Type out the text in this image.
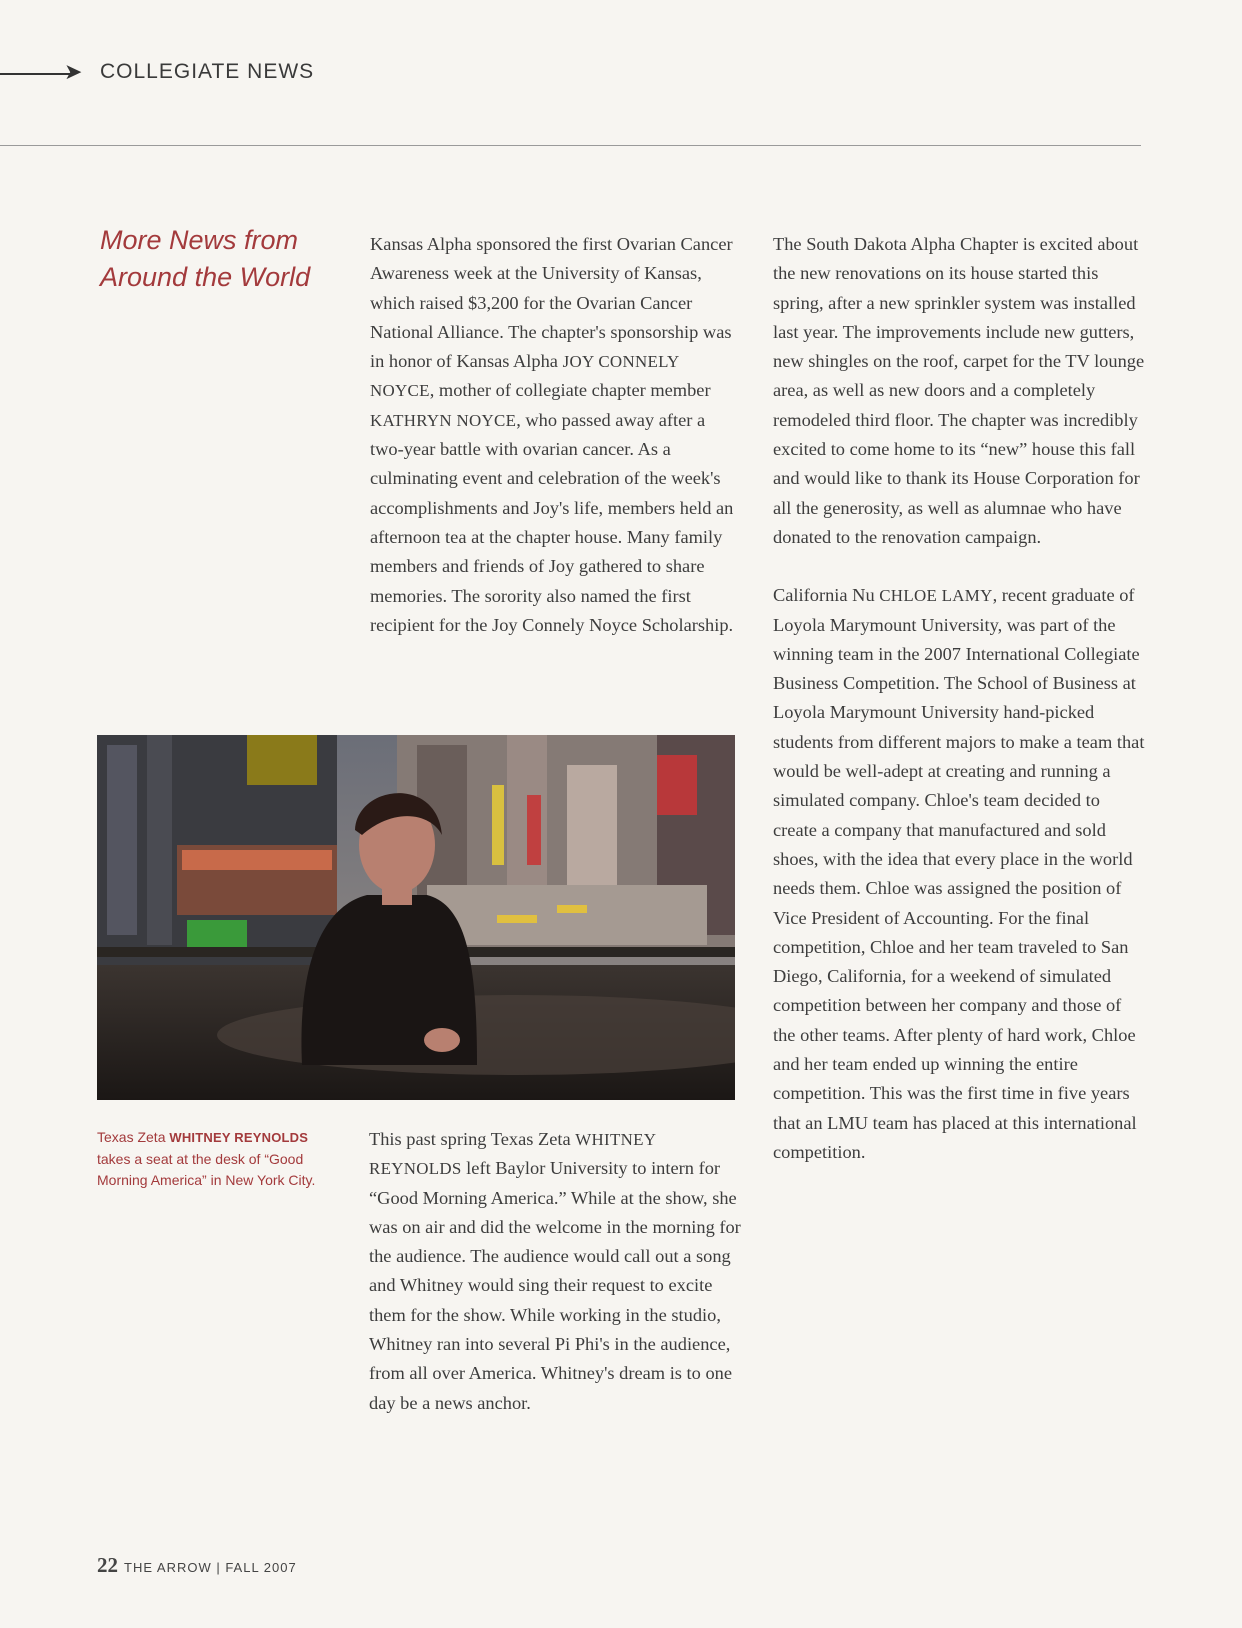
➤ COLLEGIATE NEWS
More News from
Around the World

Kansas Alpha sponsored the first Ovarian Cancer Awareness week at the University of Kansas, which raised $3,200 for the Ovarian Cancer National Alliance. The chapter's sponsorship was in honor of Kansas Alpha JOY CONNELY NOYCE, mother of collegiate chapter member KATHRYN NOYCE, who passed away after a two-year battle with ovarian cancer. As a culminating event and celebration of the week's accomplishments and Joy's life, members held an afternoon tea at the chapter house. Many family members and friends of Joy gathered to share memories. The sorority also named the first recipient for the Joy Connely Noyce Scholarship.

Texas Zeta WHITNEY REYNOLDS takes a seat at the desk of “Good Morning America” in New York City.

This past spring Texas Zeta WHITNEY REYNOLDS left Baylor University to intern for “Good Morning America.” While at the show, she was on air and did the welcome in the morning for the audience. The audience would call out a song and Whitney would sing their request to excite them for the show. While working in the studio, Whitney ran into several Pi Phi's in the audience, from all over America. Whitney's dream is to one day be a news anchor.

The South Dakota Alpha Chapter is excited about the new renovations on its house started this spring, after a new sprinkler system was installed last year. The improvements include new gutters, new shingles on the roof, carpet for the TV lounge area, as well as new doors and a completely remodeled third floor. The chapter was incredibly excited to come home to its “new” house this fall and would like to thank its House Corporation for all the generosity, as well as alumnae who have donated to the renovation campaign.

California Nu CHLOE LAMY, recent graduate of Loyola Marymount University, was part of the winning team in the 2007 International Collegiate Business Competition. The School of Business at Loyola Marymount University hand-picked students from different majors to make a team that would be well-adept at creating and running a simulated company. Chloe's team decided to create a company that manufactured and sold shoes, with the idea that every place in the world needs them. Chloe was assigned the position of Vice President of Accounting. For the final competition, Chloe and her team traveled to San Diego, California, for a weekend of simulated competition between her company and those of the other teams. After plenty of hard work, Chloe and her team ended up winning the entire competition. This was the first time in five years that an LMU team has placed at this international competition.

22 THE ARROW | FALL 2007
